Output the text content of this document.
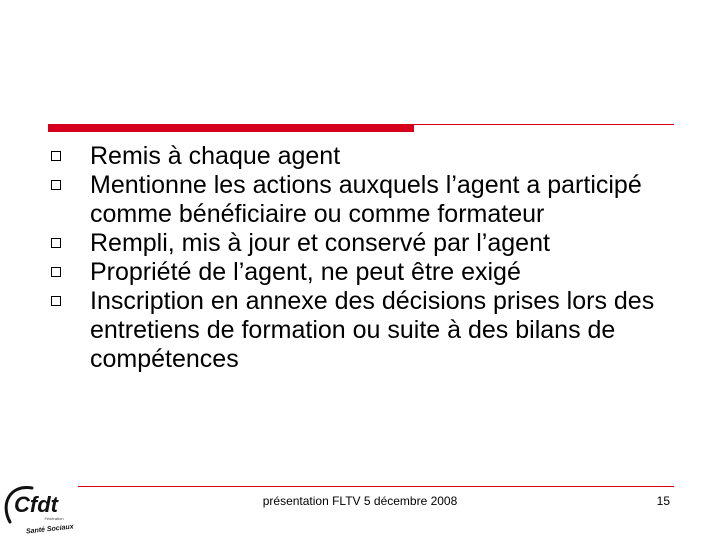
Remis à chaque agent
Mentionne les actions auxquels l’agent a participé comme bénéficiaire ou comme formateur
Rempli, mis à jour et conservé par l’agent
Propriété de l’agent, ne peut être exigé
Inscription en annexe des décisions prises lors des entretiens de formation ou suite à des bilans de compétences
présentation FLTV 5 décembre 2008	15
Cfdt
Fédération
Santé Sociaux
